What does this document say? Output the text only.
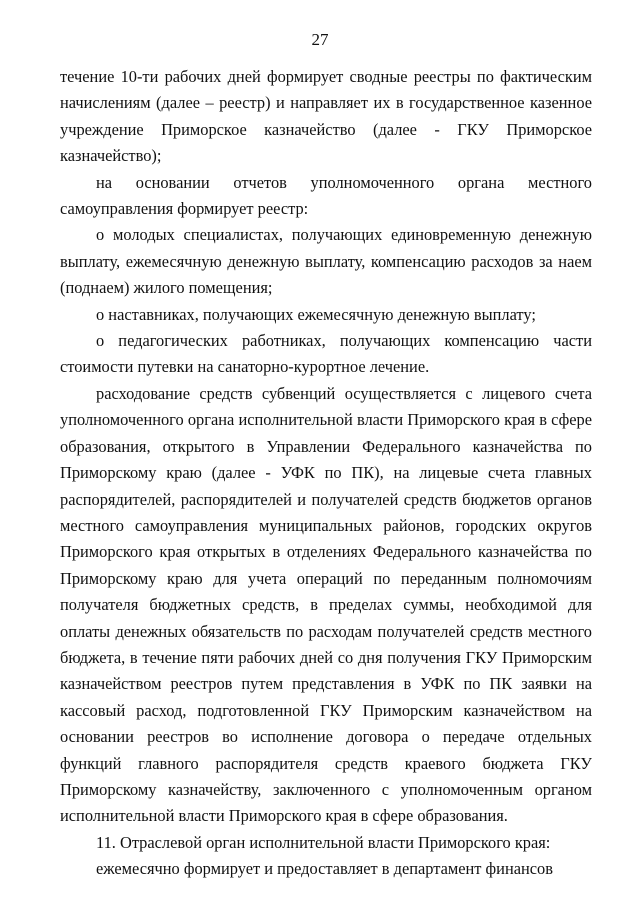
27

течение 10-ти рабочих дней формирует сводные реестры по фактическим начислениям (далее – реестр) и направляет их в государственное казенное учреждение Приморское казначейство (далее - ГКУ Приморское казначейство);

на основании отчетов уполномоченного органа местного самоуправления формирует реестр:

о молодых специалистах, получающих единовременную денежную выплату, ежемесячную денежную выплату, компенсацию расходов за наем (поднаем) жилого помещения;

о наставниках, получающих ежемесячную денежную выплату;

о педагогических работниках, получающих компенсацию части стоимости путевки на санаторно-курортное лечение.

расходование средств субвенций осуществляется с лицевого счета уполномоченного органа исполнительной власти Приморского края в сфере образования, открытого в Управлении Федерального казначейства по Приморскому краю (далее - УФК по ПК), на лицевые счета главных распорядителей, распорядителей и получателей средств бюджетов органов местного самоуправления муниципальных районов, городских округов Приморского края открытых в отделениях Федерального казначейства по Приморскому краю для учета операций по переданным полномочиям получателя бюджетных средств, в пределах суммы, необходимой для оплаты денежных обязательств по расходам получателей средств местного бюджета, в течение пяти рабочих дней со дня получения ГКУ Приморским казначейством реестров путем представления в УФК по ПК заявки на кассовый расход, подготовленной ГКУ Приморским казначейством на основании реестров во исполнение договора о передаче отдельных функций главного распорядителя средств краевого бюджета ГКУ Приморскому казначейству, заключенного с уполномоченным органом исполнительной власти Приморского края в сфере образования.

11. Отраслевой орган исполнительной власти Приморского края:

ежемесячно формирует и предоставляет в департамент финансов
